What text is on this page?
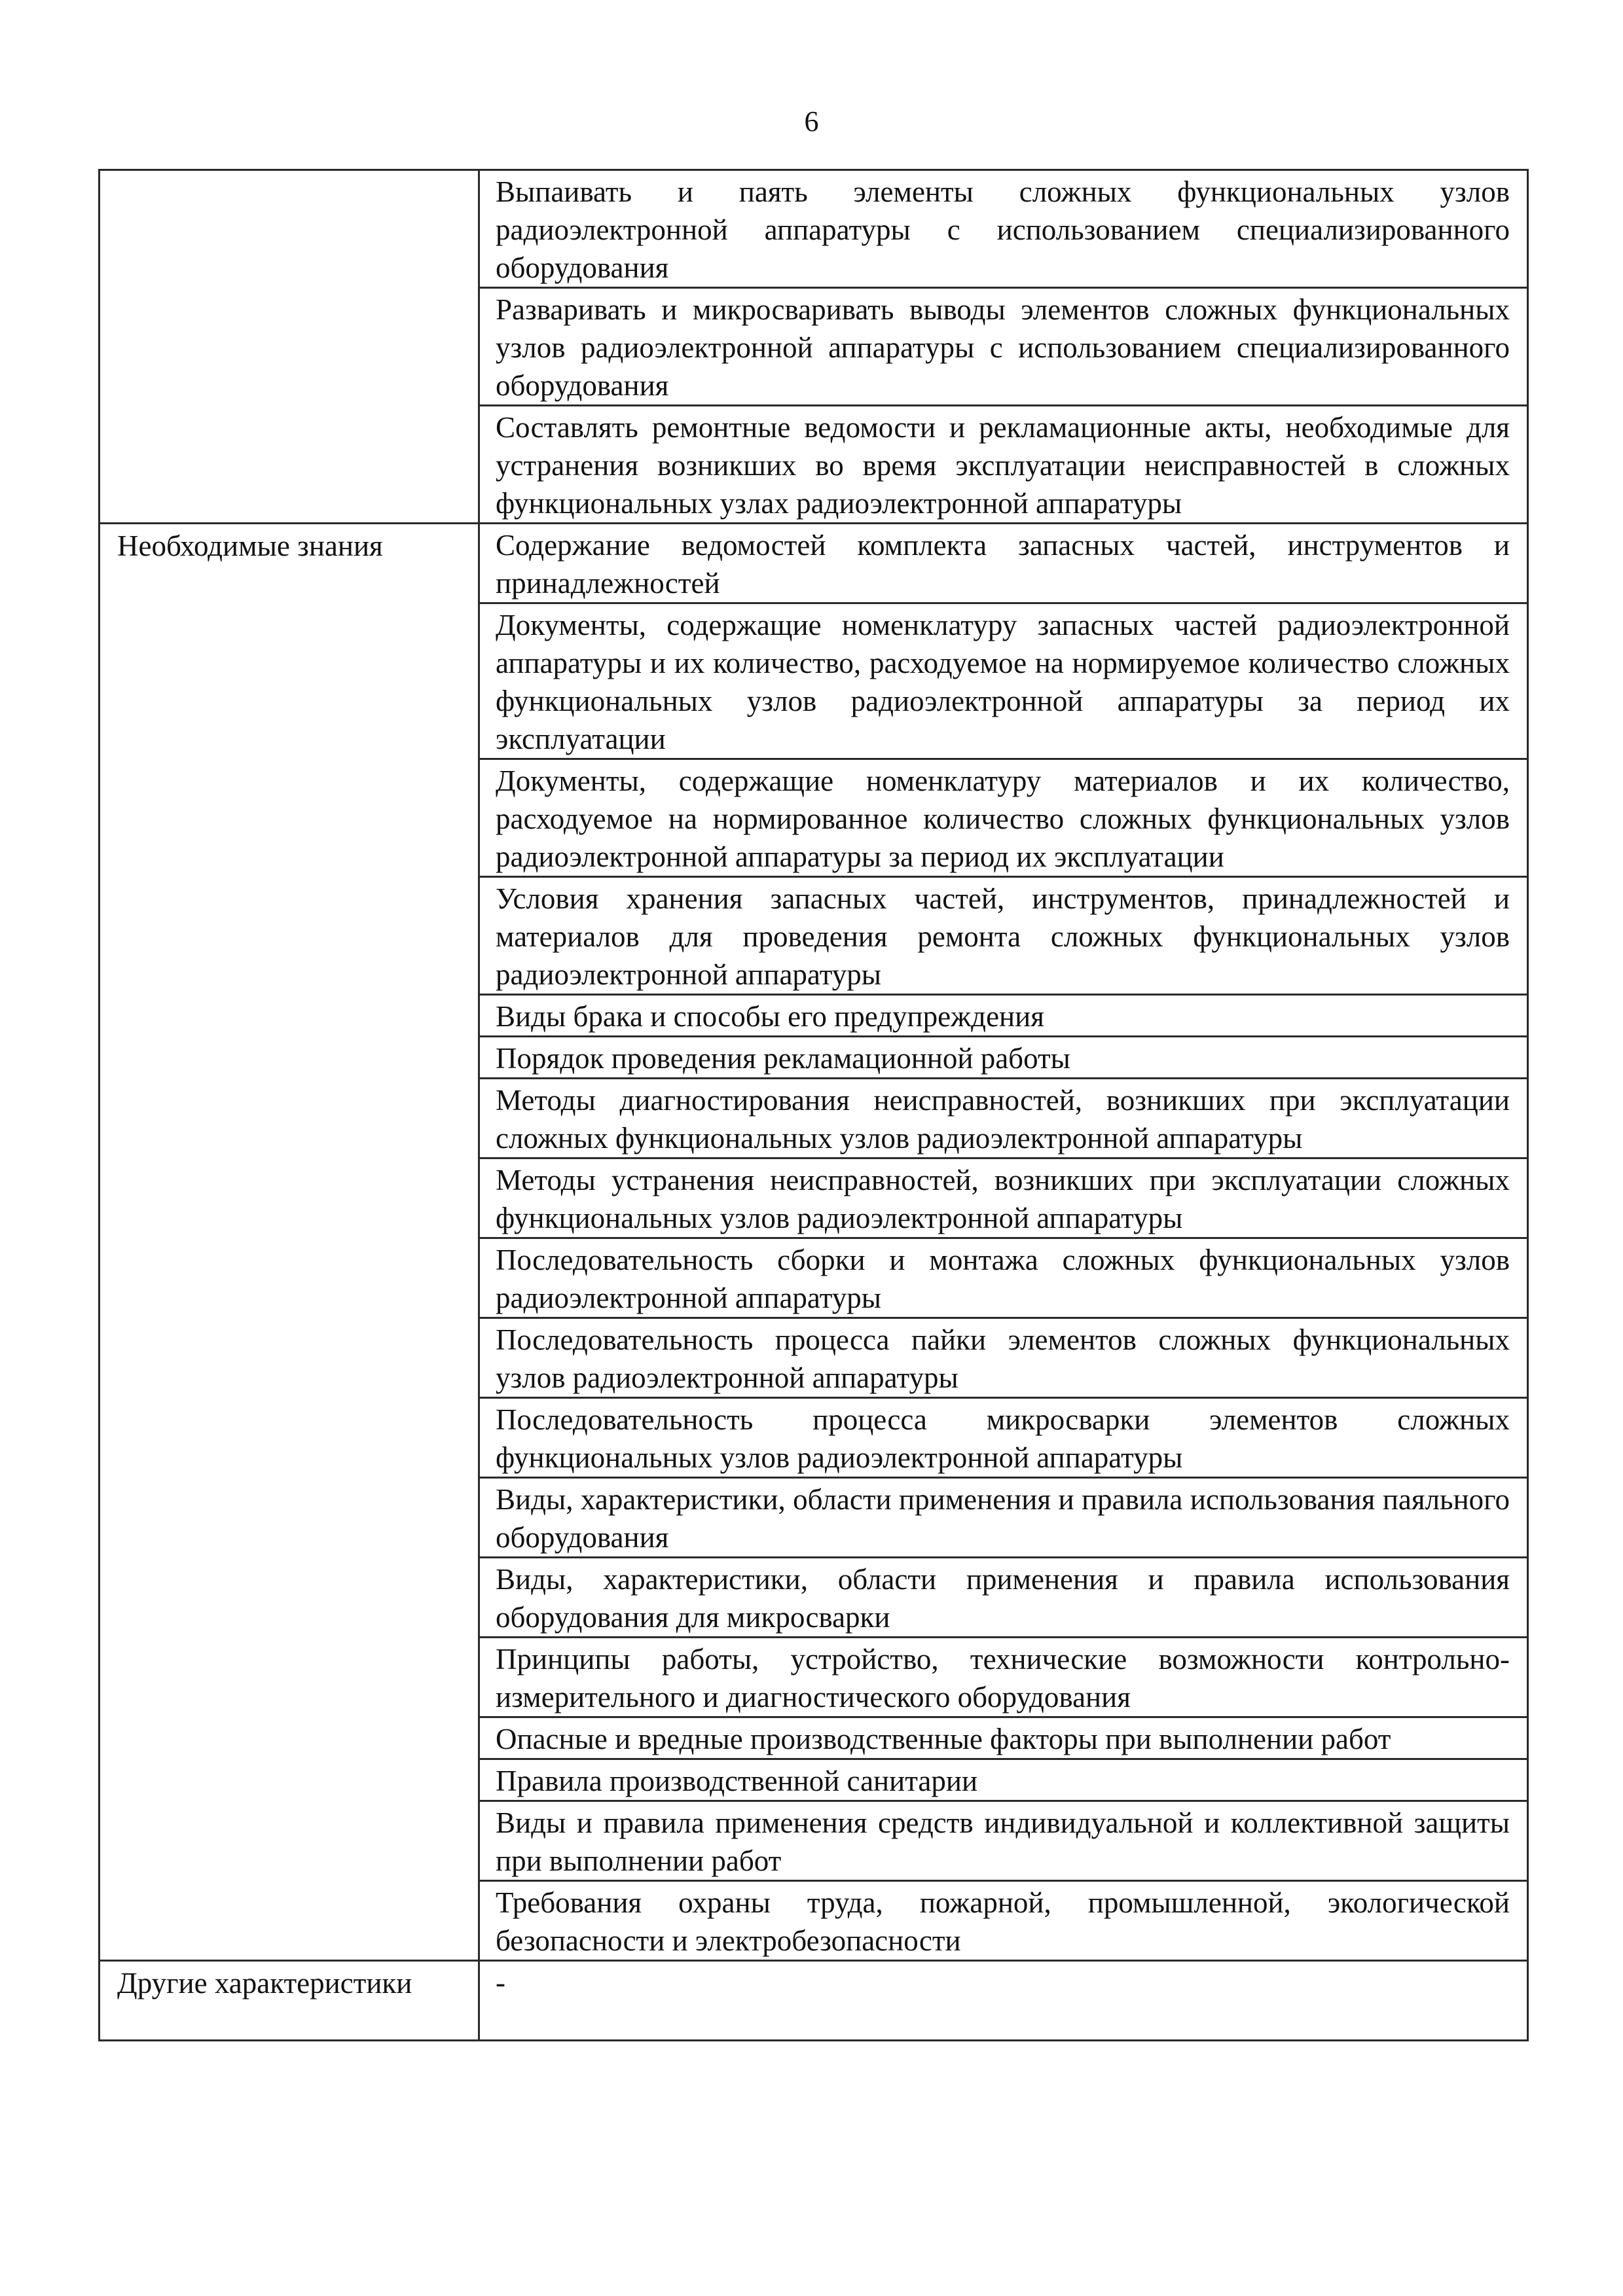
6
	Выпаивать и паять элементы сложных функциональных узлов радиоэлектронной аппаратуры с использованием специализированного оборудования
	Разваривать и микросваривать выводы элементов сложных функциональных узлов радиоэлектронной аппаратуры с использованием специализированного оборудования
	Составлять ремонтные ведомости и рекламационные акты, необходимые для устранения возникших во время эксплуатации неисправностей в сложных функциональных узлах радиоэлектронной аппаратуры
Необходимые знания	Содержание ведомостей комплекта запасных частей, инструментов и принадлежностей
	Документы, содержащие номенклатуру запасных частей радиоэлектронной аппаратуры и их количество, расходуемое на нормируемое количество сложных функциональных узлов радиоэлектронной аппаратуры за период их эксплуатации
	Документы, содержащие номенклатуру материалов и их количество, расходуемое на нормированное количество сложных функциональных узлов радиоэлектронной аппаратуры за период их эксплуатации
	Условия хранения запасных частей, инструментов, принадлежностей и материалов для проведения ремонта сложных функциональных узлов радиоэлектронной аппаратуры
	Виды брака и способы его предупреждения
	Порядок проведения рекламационной работы
	Методы диагностирования неисправностей, возникших при эксплуатации сложных функциональных узлов радиоэлектронной аппаратуры
	Методы устранения неисправностей, возникших при эксплуатации сложных функциональных узлов радиоэлектронной аппаратуры
	Последовательность сборки и монтажа сложных функциональных узлов радиоэлектронной аппаратуры
	Последовательность процесса пайки элементов сложных функциональных узлов радиоэлектронной аппаратуры
	Последовательность процесса микросварки элементов сложных функциональных узлов радиоэлектронной аппаратуры
	Виды, характеристики, области применения и правила использования паяльного оборудования
	Виды, характеристики, области применения и правила использования оборудования для микросварки
	Принципы работы, устройство, технические возможности контрольно-измерительного и диагностического оборудования
	Опасные и вредные производственные факторы при выполнении работ
	Правила производственной санитарии
	Виды и правила применения средств индивидуальной и коллективной защиты при выполнении работ
	Требования охраны труда, пожарной, промышленной, экологической безопасности и электробезопасности
Другие характеристики	-
